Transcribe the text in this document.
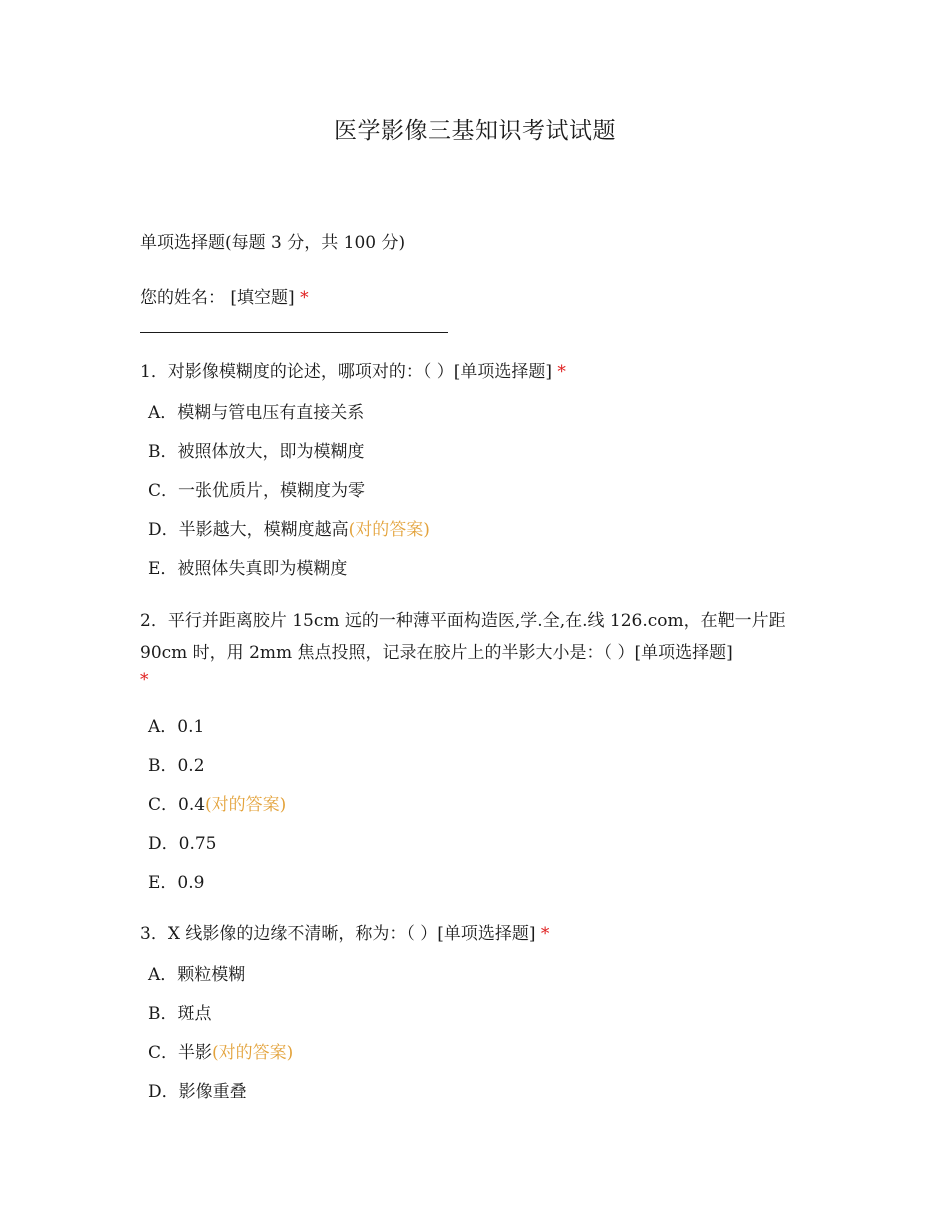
医学影像三基知识考试试题
单项选择题(每题 3 分，共 100 分)
您的姓名： [填空题] *
1．对影像模糊度的论述，哪项对的：（ ）[单项选择题] *
A．模糊与管电压有直接关系
B．被照体放大，即为模糊度
C．一张优质片，模糊度为零
D．半影越大，模糊度越高(对的答案)
E．被照体失真即为模糊度
2．平行并距离胶片 15cm 远的一种薄平面构造医,学.全,在.线 126.com，在靶一片距
90cm 时，用 2mm 焦点投照，记录在胶片上的半影大小是：（ ）[单项选择题]
*
A．0.1
B．0.2
C．0.4(对的答案)
D．0.75
E．0.9
3．X 线影像的边缘不清晰，称为：（ ）[单项选择题] *
A．颗粒模糊
B．斑点
C．半影(对的答案)
D．影像重叠
